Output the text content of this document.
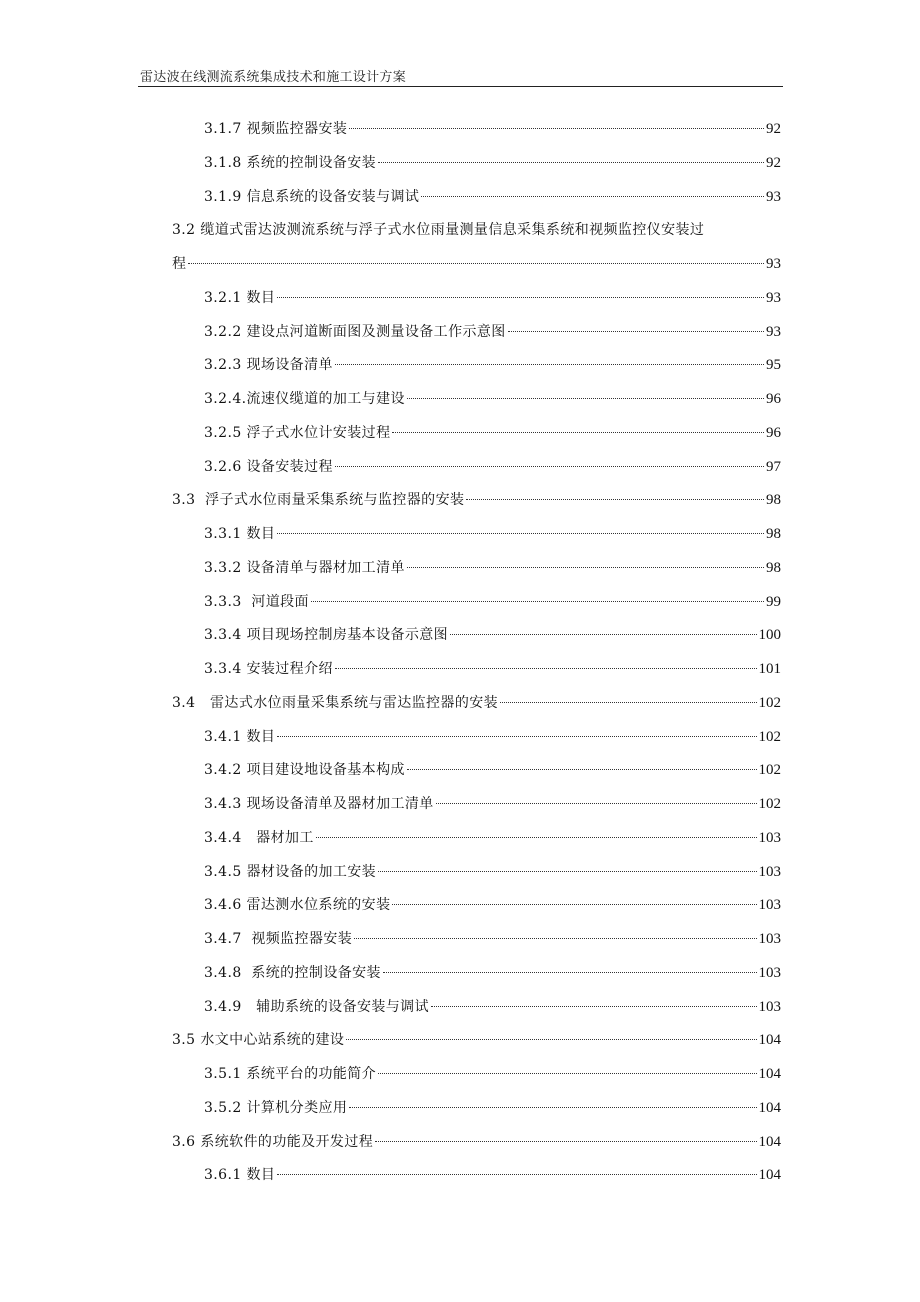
雷达波在线测流系统集成技术和施工设计方案
3.1.7 视频监控器安装	92
3.1.8 系统的控制设备安装	92
3.1.9 信息系统的设备安装与调试	93
3.2 缆道式雷达波测流系统与浮子式水位雨量测量信息采集系统和视频监控仪安装过
程	93
3.2.1 数目	93
3.2.2 建设点河道断面图及测量设备工作示意图	93
3.2.3 现场设备清单	95
3.2.4.流速仪缆道的加工与建设	96
3.2.5 浮子式水位计安装过程	96
3.2.6 设备安装过程	97
3.3  浮子式水位雨量采集系统与监控器的安装	98
3.3.1 数目	98
3.3.2 设备清单与器材加工清单	98
3.3.3  河道段面	99
3.3.4 项目现场控制房基本设备示意图	100
3.3.4 安装过程介绍	101
3.4   雷达式水位雨量采集系统与雷达监控器的安装	102
3.4.1 数目	102
3.4.2 项目建设地设备基本构成	102
3.4.3 现场设备清单及器材加工清单	102
3.4.4   器材加工	103
3.4.5 器材设备的加工安装	103
3.4.6 雷达测水位系统的安装	103
3.4.7  视频监控器安装	103
3.4.8  系统的控制设备安装	103
3.4.9   辅助系统的设备安装与调试	103
3.5 水文中心站系统的建设	104
3.5.1 系统平台的功能简介	104
3.5.2 计算机分类应用	104
3.6 系统软件的功能及开发过程	104
3.6.1 数目	104
